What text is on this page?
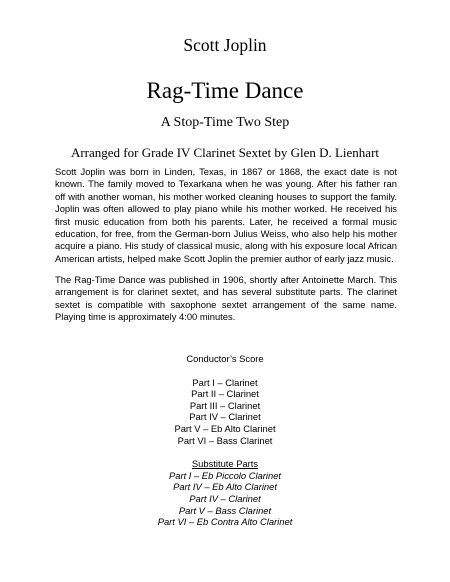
Scott Joplin
Rag-Time Dance
A Stop-Time Two Step
Arranged for Grade IV Clarinet Sextet by Glen D. Lienhart
Scott Joplin was born in Linden, Texas, in 1867 or 1868, the exact date is not known. The family moved to Texarkana when he was young. After his father ran off with another woman, his mother worked cleaning houses to support the family. Joplin was often allowed to play piano while his mother worked. He received his first music education from both his parents. Later, he received a formal music education, for free, from the German-born Julius Weiss, who also help his mother acquire a piano. His study of classical music, along with his exposure local African American artists, helped make Scott Joplin the premier author of early jazz music.
The Rag-Time Dance was published in 1906, shortly after Antoinette March. This arrangement is for clarinet sextet, and has several substitute parts. The clarinet sextet is compatible with saxophone sextet arrangement of the same name. Playing time is approximately 4:00 minutes.
Conductor’s Score
Part I – Clarinet
Part II – Clarinet
Part III – Clarinet
Part IV – Clarinet
Part V – Eb Alto Clarinet
Part VI – Bass Clarinet
Substitute Parts
Part I – Eb Piccolo Clarinet
Part IV – Eb Alto Clarinet
Part IV – Clarinet
Part V – Bass Clarinet
Part VI – Eb Contra Alto Clarinet
